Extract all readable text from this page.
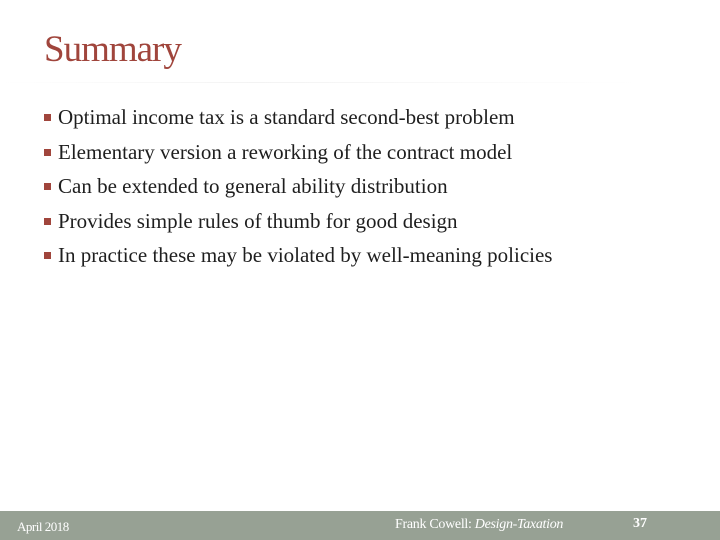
Summary
Optimal income tax is a standard second-best problem
Elementary version a reworking of the contract model
Can be extended to general ability distribution
Provides simple rules of thumb for good design
In practice these may be violated by well-meaning policies
April 2018	Frank Cowell: Design-Taxation	37
